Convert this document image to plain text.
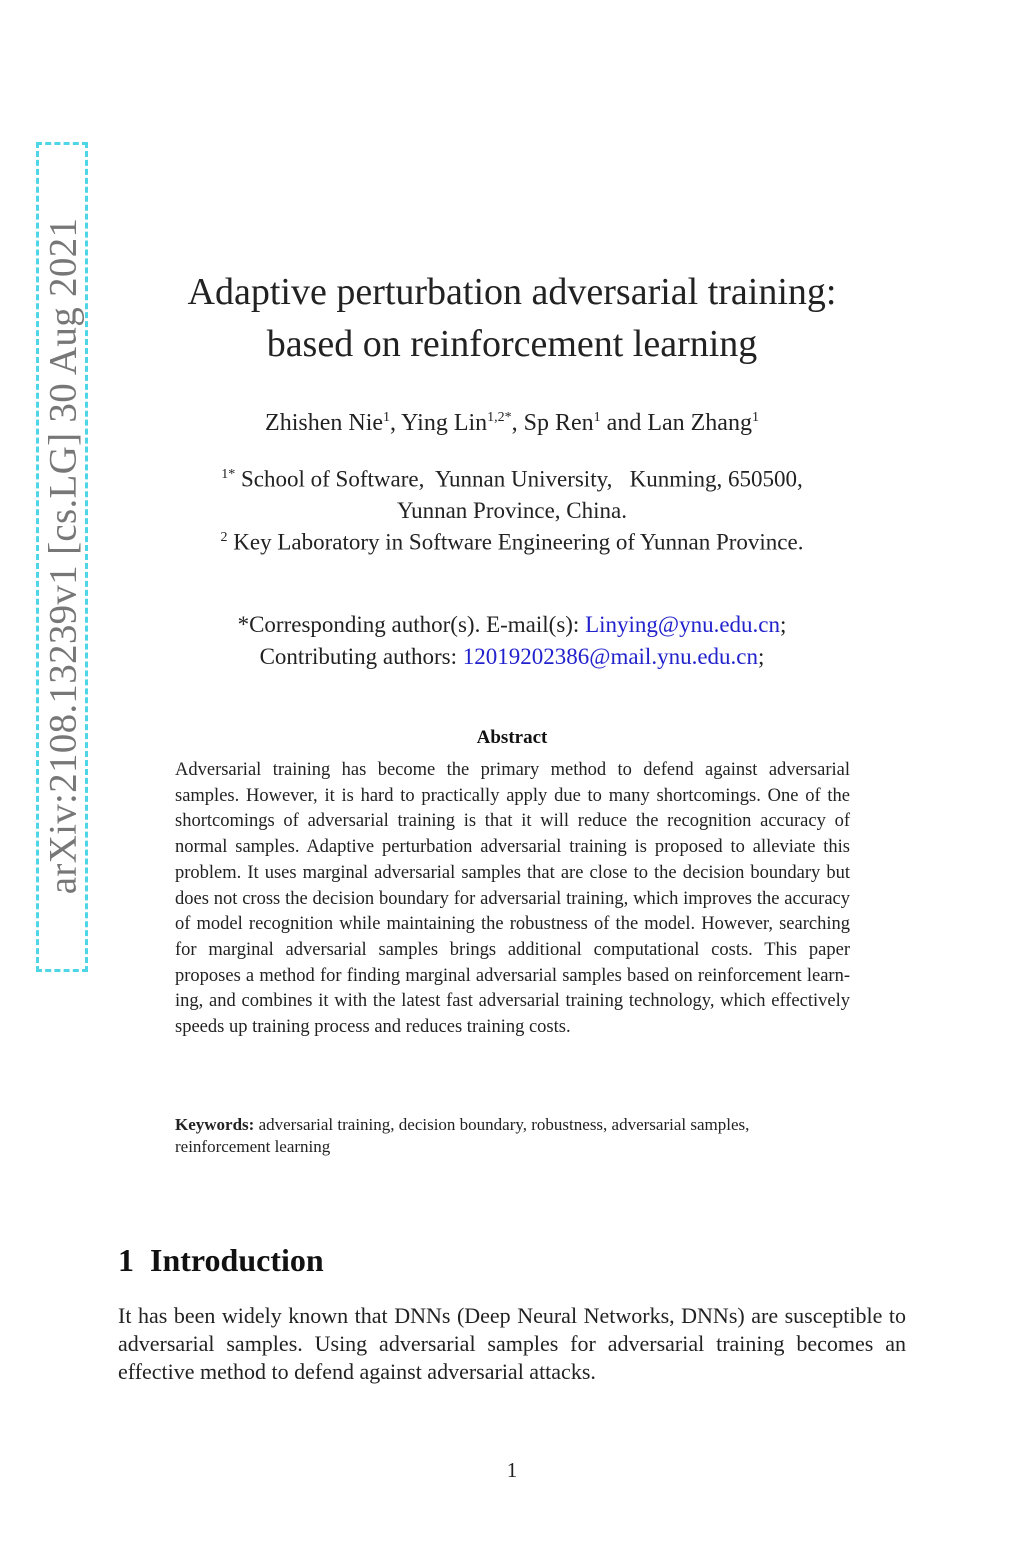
arXiv:2108.13239v1 [cs.LG] 30 Aug 2021	Adaptive perturbation adversarial training:
based on reinforcement learning
Zhishen Nie$^1$, Ying Lin$^{1,2*}$, Sp Ren$^1$ and Lan Zhang$^1$
$^{1*}$ School of Software,  Yunnan University,   Kunming, 650500,
Yunnan Province, China.
$^2$ Key Laboratory in Software Engineering of Yunnan Province.
*Corresponding author(s). E-mail(s): Linying@ynu.edu.cn;
Contributing authors: 12019202386@mail.ynu.edu.cn;
Abstract
Adversarial training has become the primary method to defend against adversarial samples. However, it is hard to practically apply due to many shortcomings. One of the shortcomings of adversarial training is that it will reduce the recognition accuracy of normal samples. Adaptive perturbation adversarial training is proposed to alleviate this problem. It uses marginal adversarial samples that are close to the decision boundary but does not cross the decision boundary for adversarial training, which improves the accuracy of model recognition while maintaining the robustness of the model. However, searching for marginal adversarial samples brings additional computational costs. This paper proposes a method for finding marginal adversarial samples based on reinforcement learning, and combines it with the latest fast adversarial training technology, which effectively speeds up training process and reduces training costs.
Keywords: adversarial training, decision boundary, robustness, adversarial samples, reinforcement learning
1 Introduction
It has been widely known that DNNs (Deep Neural Networks, DNNs) are susceptible to adversarial samples. Using adversarial samples for adversarial training becomes an effective method to defend against adversarial attacks.
1
